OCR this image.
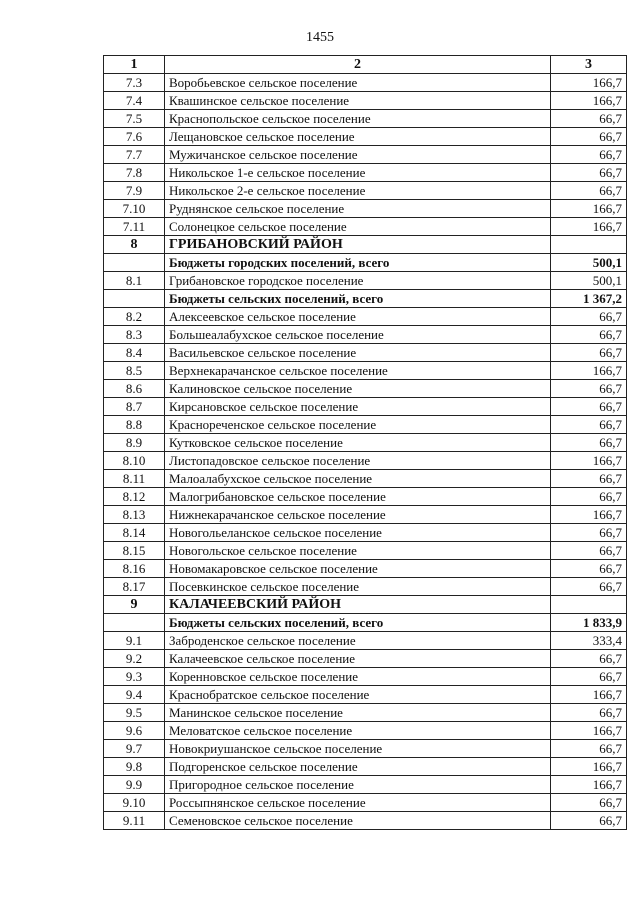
1455
1	2	3
7.3	Воробьевское сельское поселение	166,7
7.4	Квашинское сельское поселение	166,7
7.5	Краснопольское сельское поселение	66,7
7.6	Лещановское сельское поселение	66,7
7.7	Мужичанское сельское поселение	66,7
7.8	Никольское 1-е сельское поселение	66,7
7.9	Никольское 2-е сельское поселение	66,7
7.10	Руднянское сельское поселение	166,7
7.11	Солонецкое сельское поселение	166,7
8	ГРИБАНОВСКИЙ РАЙОН	
	Бюджеты городских поселений, всего	500,1
8.1	Грибановское городское поселение	500,1
	Бюджеты сельских поселений, всего	1 367,2
8.2	Алексеевское сельское поселение	66,7
8.3	Большеалабухское сельское поселение	66,7
8.4	Васильевское сельское поселение	66,7
8.5	Верхнекарачанское сельское поселение	166,7
8.6	Калиновское сельское поселение	66,7
8.7	Кирсановское сельское поселение	66,7
8.8	Краснореченское сельское поселение	66,7
8.9	Кутковское сельское поселение	66,7
8.10	Листопадовское сельское поселение	166,7
8.11	Малоалабухское сельское поселение	66,7
8.12	Малогрибановское сельское поселение	66,7
8.13	Нижнекарачанское сельское поселение	166,7
8.14	Новогольеланское сельское поселение	66,7
8.15	Новогольское сельское поселение	66,7
8.16	Новомакаровское сельское поселение	66,7
8.17	Посевкинское сельское поселение	66,7
9	КАЛАЧЕЕВСКИЙ РАЙОН	
	Бюджеты сельских поселений, всего	1 833,9
9.1	Заброденское сельское поселение	333,4
9.2	Калачеевское сельское поселение	66,7
9.3	Коренновское сельское поселение	66,7
9.4	Краснобратское сельское поселение	166,7
9.5	Манинское сельское поселение	66,7
9.6	Меловатское сельское поселение	166,7
9.7	Новокриушанское сельское поселение	66,7
9.8	Подгоренское сельское поселение	166,7
9.9	Пригородное сельское поселение	166,7
9.10	Россыпнянское сельское поселение	66,7
9.11	Семеновское сельское поселение	66,7
